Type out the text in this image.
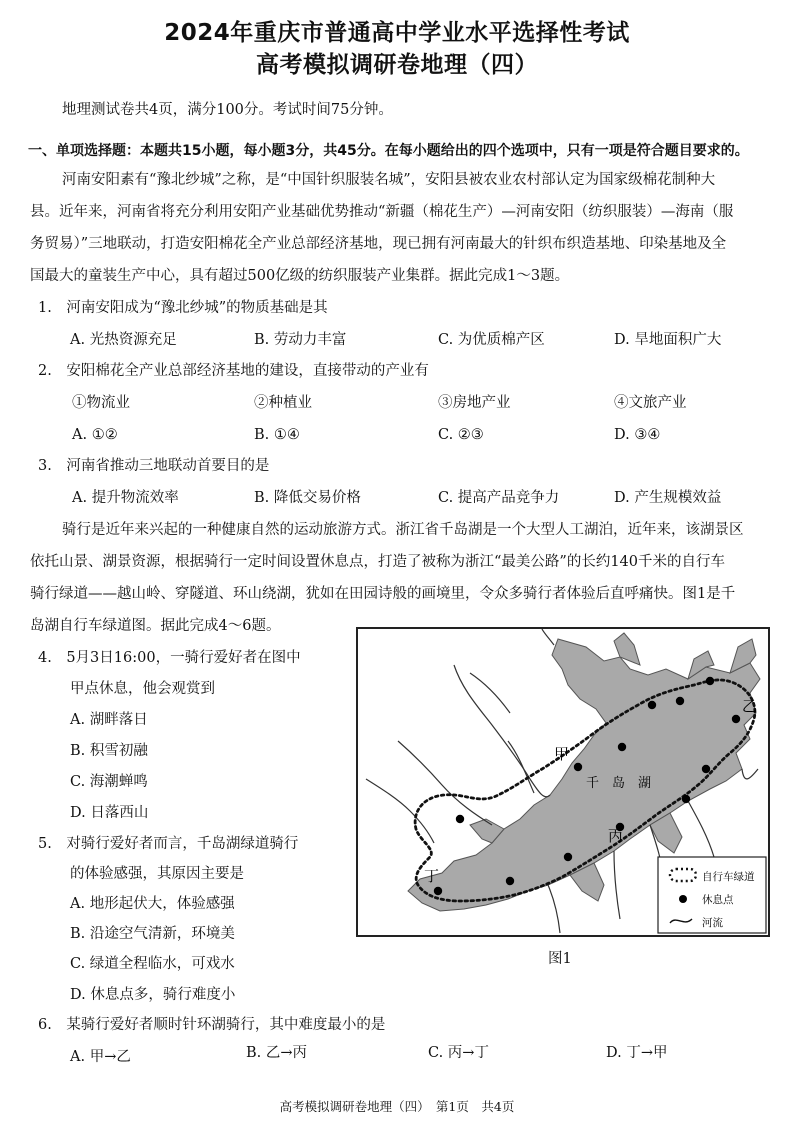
2024年重庆市普通高中学业水平选择性考试
高考模拟调研卷地理（四）
地理测试卷共4页，满分100分。考试时间75分钟。
一、单项选择题：本题共15小题，每小题3分，共45分。在每小题给出的四个选项中，只有一项是符合题目要求的。
河南安阳素有“豫北纱城”之称，是“中国针织服装名城”，安阳县被农业农村部认定为国家级棉花制种大
县。近年来，河南省将充分利用安阳产业基础优势推动“新疆（棉花生产）—河南安阳（纺织服装）—海南（服
务贸易）”三地联动，打造安阳棉花全产业总部经济基地，现已拥有河南最大的针织布织造基地、印染基地及全
国最大的童装生产中心，具有超过500亿级的纺织服装产业集群。据此完成1～3题。
1.　河南安阳成为“豫北纱城”的物质基础是其
A. 光热资源充足	B. 劳动力丰富	C. 为优质棉产区	D. 旱地面积广大
2.　安阳棉花全产业总部经济基地的建设，直接带动的产业有
①物流业	②种植业	③房地产业	④文旅产业
A. ①②	B. ①④	C. ②③	D. ③④
3.　河南省推动三地联动首要目的是
A. 提升物流效率	B. 降低交易价格	C. 提高产品竞争力	D. 产生规模效益
骑行是近年来兴起的一种健康自然的运动旅游方式。浙江省千岛湖是一个大型人工湖泊，近年来，该湖景区
依托山景、湖景资源，根据骑行一定时间设置休息点，打造了被称为浙江“最美公路”的长约140千米的自行车
骑行绿道——越山岭、穿隧道、环山绕湖，犹如在田园诗般的画境里，令众多骑行者体验后直呼痛快。图1是千
岛湖自行车绿道图。据此完成4～6题。
4.　5月3日16:00，一骑行爱好者在图中
甲点休息，他会观赏到
A. 湖畔落日
B. 积雪初融
C. 海潮蝉鸣
D. 日落西山
5.　对骑行爱好者而言，千岛湖绿道骑行
的体验感强，其原因主要是
A. 地形起伏大，体验感强
B. 沿途空气清新，环境美
C. 绿道全程临水，可戏水
D. 休息点多，骑行难度小
6.　某骑行爱好者顺时针环湖骑行，其中难度最小的是
A. 甲→乙	B. 乙→丙	C. 丙→丁	D. 丁→甲
甲
乙
丙
丁
千　岛　湖
自行车绿道
休息点
河流
图1
高考模拟调研卷地理（四）　第1页　共4页
